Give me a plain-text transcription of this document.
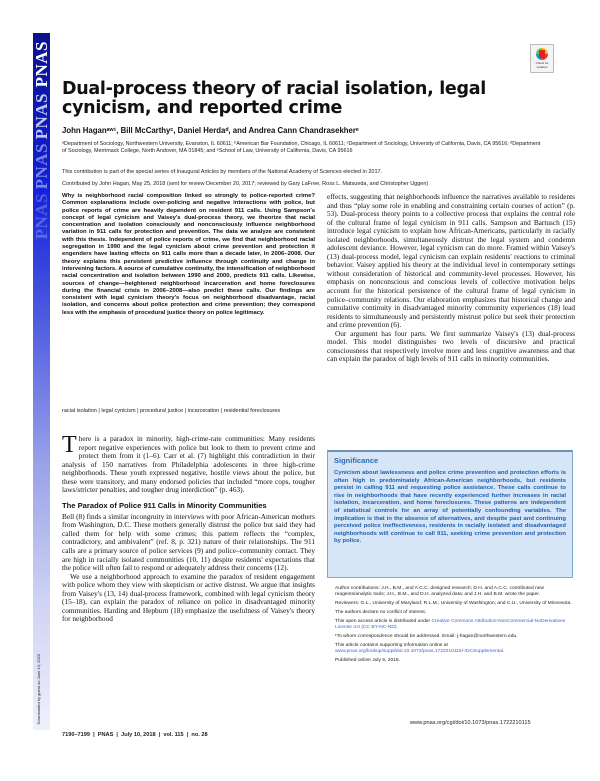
PNAS
PNAS
PNAS
PNAS
Downloaded by guest on June 13, 2020
Check for
updates
Dual-process theory of racial isolation, legal cynicism, and reported crime
John Haganᵃʷ¹, Bill McCarthyᶜ, Daniel Herdaᵈ, and Andrea Cann Chandrasekherᵉ
ᵃDepartment of Sociology, Northwestern University, Evanston, IL 60611; ᵇAmerican Bar Foundation, Chicago, IL 60611; ᶜDepartment of Sociology, University of California, Davis, CA 95616; ᵈDepartment of Sociology, Merrimack College, North Andover, MA 01845; and ᵉSchool of Law, University of California, Davis, CA 95616
This contribution is part of the special series of Inaugural Articles by members of the National Academy of Sciences elected in 2017.
Contributed by John Hagan, May 25, 2018 (sent for review December 20, 2017; reviewed by Gary LaFree, Ross L. Matsueda, and Christopher Uggen)
Why is neighborhood racial composition linked so strongly to police-reported crime? Common explanations include over-policing and negative interactions with police, but police reports of crime are heavily dependent on resident 911 calls. Using Sampson's concept of legal cynicism and Vaisey's dual-process theory, we theorize that racial concentration and isolation consciously and nonconsciously influence neighborhood variation in 911 calls for protection and prevention. The data we analyze are consistent with this thesis. Independent of police reports of crime, we find that neighborhood racial segregation in 1990 and the legal cynicism about crime prevention and protection it engenders have lasting effects on 911 calls more than a decade later, in 2006–2008. Our theory explains this persistent predictive influence through continuity and change in intervening factors. A source of cumulative continuity, the intensification of neighborhood racial concentration and isolation between 1990 and 2000, predicts 911 calls. Likewise, sources of change—heightened neighborhood incarceration and home foreclosures during the financial crisis in 2006–2008—also predict these calls. Our findings are consistent with legal cynicism theory's focus on neighborhood disadvantage, racial isolation, and concerns about police protection and crime prevention; they correspond less with the emphasis of procedural justice theory on police legitimacy.
racial isolation | legal cynicism | procedural justice | incarceration | residential foreclosures

There is a paradox in minority, high-crime-rate communities: Many residents report negative experiences with police but look to them to prevent crime and protect them from it (1–6). Carr et al. (7) highlight this contradiction in their analysis of 150 narratives from Philadelphia adolescents in three high-crime neighborhoods. These youth expressed negative, hostile views about the police, but these were transitory, and many endorsed policies that included “more cops, tougher laws/stricter penalties, and tougher drug interdiction” (p. 463).

The Paradox of Police 911 Calls in Minority Communities

Bell (8) finds a similar incongruity in interviews with poor African-American mothers from Washington, D.C. These mothers generally distrust the police but said they had called them for help with some crimes; this pattern reflects the “complex, contradictory, and ambivalent” (ref. 8, p. 321) nature of their relationships. The 911 calls are a primary source of police services (9) and police–community contact. They are high in racially isolated communities (10, 11) despite residents' expectations that the police will often fail to respond or adequately address their concerns (12).

We use a neighborhood approach to examine the paradox of resident engagement with police whom they view with skepticism or active distrust. We argue that insights from Vaisey's (13, 14) dual-process framework, combined with legal cynicism theory (15–18), can explain the paradox of reliance on police in disadvantaged minority communities. Harding and Hepburn (18) emphasize the usefulness of Vaisey's theory for neighborhood

effects, suggesting that neighborhoods influence the narratives available to residents and thus “play some role in enabling and constraining certain courses of action” (p. 53). Dual-process theory points to a collective process that explains the central role of the cultural frame of legal cynicism in 911 calls. Sampson and Bartusch (15) introduce legal cynicism to explain how African-Americans, particularly in racially isolated neighborhoods, simultaneously distrust the legal system and condemn adolescent deviance. However, legal cynicism can do more. Framed within Vaisey's (13) dual-process model, legal cynicism can explain residents' reactions to criminal behavior. Vaisey applied his theory at the individual level in contemporary settings without consideration of historical and community-level processes. However, his emphasis on nonconscious and conscious levels of collective motivation helps account for the historical persistence of the cultural frame of legal cynicism in police–community relations. Our elaboration emphasizes that historical change and cumulative continuity in disadvantaged minority community experiences (18) lead residents to simultaneously and persistently mistrust police but seek their protection and crime prevention (6).

Our argument has four parts. We first summarize Vaisey's (13) dual-process model. This model distinguishes two levels of discursive and practical consciousness that respectively involve more and less cognitive awareness and that can explain the paradox of high levels of 911 calls in minority communities.

Significance
Cynicism about lawlessness and police crime prevention and protection efforts is often high in predominately African-American neighborhoods, but residents persist in calling 911 and requesting police assistance. These calls continue to rise in neighborhoods that have recently experienced further increases in racial isolation, incarceration, and home foreclosures. These patterns are independent of statistical controls for an array of potentially confounding variables. The implication is that in the absence of alternatives, and despite past and continuing perceived police ineffectiveness, residents in racially isolated and disadvantaged neighborhoods will continue to call 911, seeking crime prevention and protection by police.

Author contributions: J.H., B.M., and A.C.C. designed research; D.H. and A.C.C. contributed new reagents/analytic tools; J.H., B.M., and D.H. analyzed data; and J.H. and B.M. wrote the paper.

Reviewers: G.L., University of Maryland; R.L.M., University of Washington; and C.U., University of Minnesota.

The authors declare no conflict of interest.

This open access article is distributed under Creative Commons Attribution-NonCommercial-NoDerivatives License 4.0 (CC BY-NC-ND).

¹To whom correspondence should be addressed. Email: j-hagan@northwestern.edu.

This article contains supporting information online at www.pnas.org/lookup/suppl/doi:10.1073/pnas.1722210115/-/DCSupplemental.

Published online July 9, 2018.

7190–7199  |  PNAS  |  July 10, 2018  |  vol. 115  |  no. 28
www.pnas.org/cgi/doi/10.1073/pnas.1722210115
